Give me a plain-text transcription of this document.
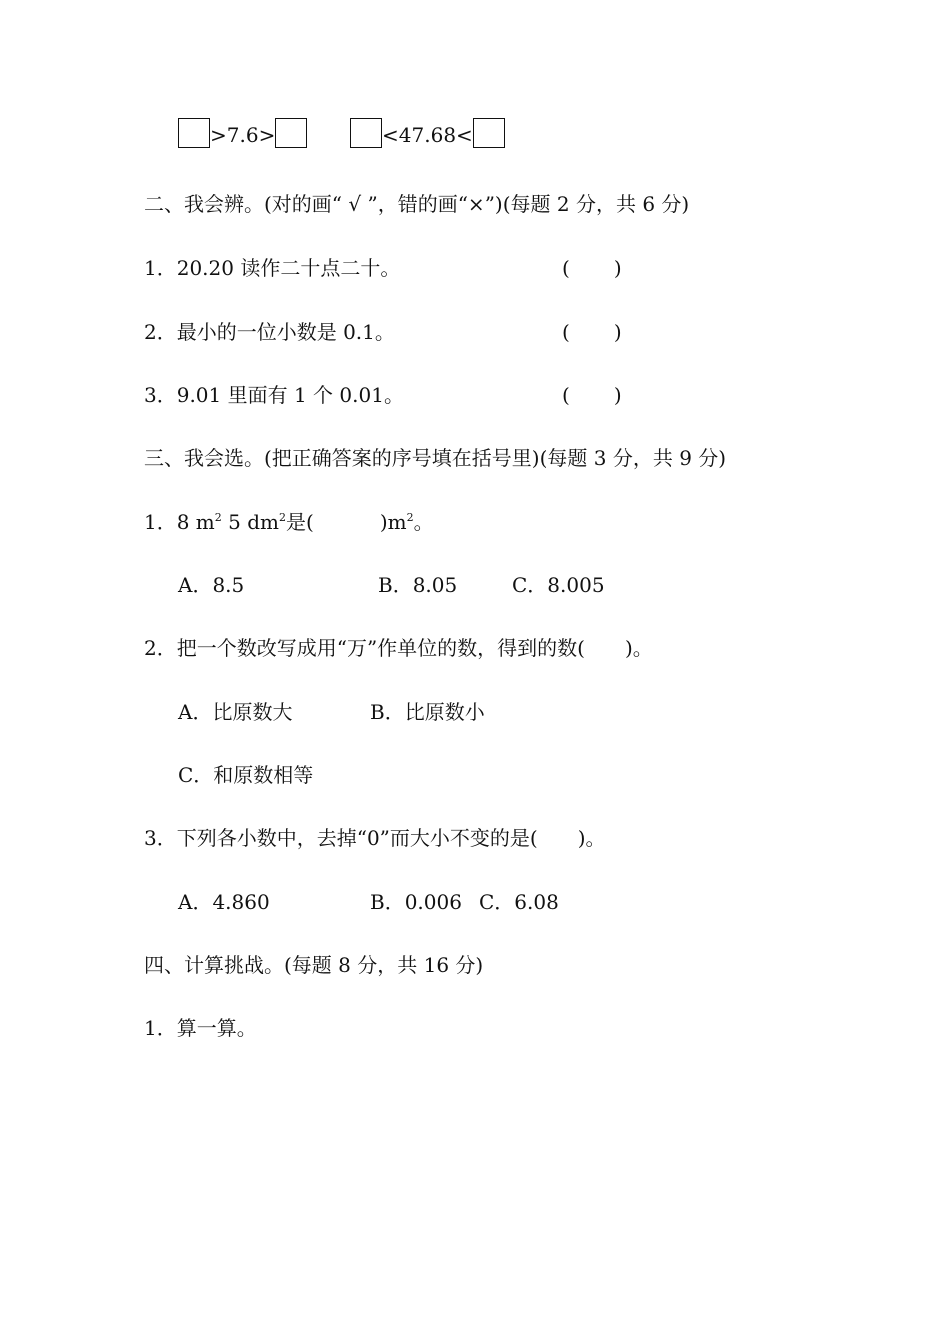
>7.6>	<47.68<
二、我会辨。(对的画“ √ ”，错的画“×”)(每题 2 分，共 6 分)
1．20.20 读作二十点二十。	( )
2．最小的一位小数是 0.1。	( )
3．9.01 里面有 1 个 0.01。	( )
三、我会选。(把正确答案的序号填在括号里)(每题 3 分，共 9 分)
1．8 $m^2$ 5 $dm^2$是(	)$m^2$。
A．8.5	B．8.05	C．8.005
2．把一个数改写成用“万”作单位的数，得到的数(　　)。
A．比原数大	B．比原数小
C．和原数相等
3．下列各小数中，去掉“0”而大小不变的是(　　)。
A．4.860	B．0.006 C．6.08
四、计算挑战。(每题 8 分，共 16 分)
1．算一算。
